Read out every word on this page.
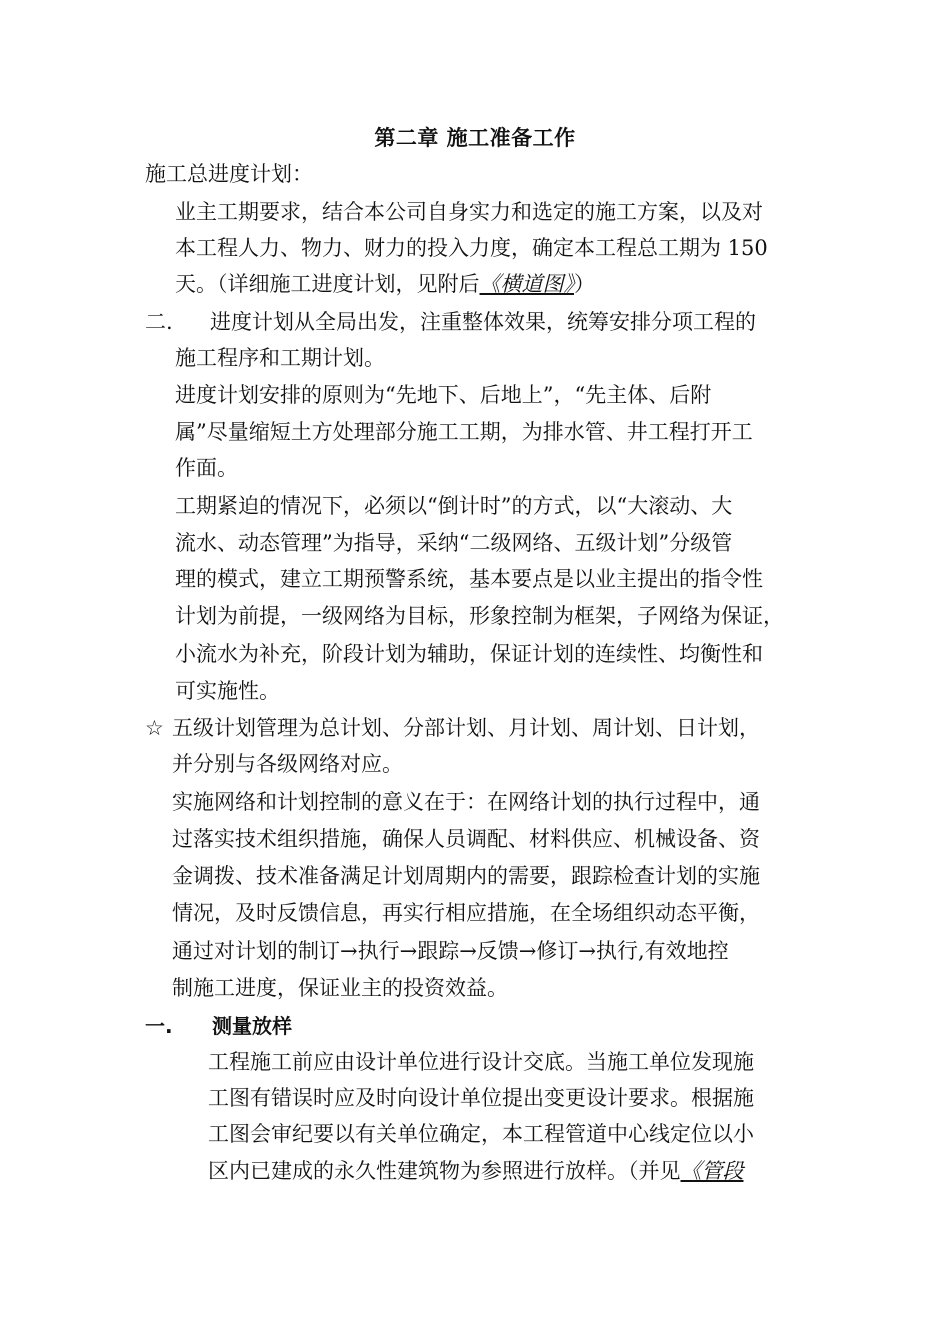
第二章 施工准备工作
施工总进度计划：
业主工期要求，结合本公司自身实力和选定的施工方案，以及对
本工程人力、物力、财力的投入力度，确定本工程总工期为 150
天。（详细施工进度计划，见附后《横道图》）
二. 进度计划从全局出发，注重整体效果，统筹安排分项工程的
施工程序和工期计划。
进度计划安排的原则为“先地下、后地上”，“先主体、后附
属”尽量缩短土方处理部分施工工期，为排水管、井工程打开工
作面。
工期紧迫的情况下，必须以“倒计时”的方式，以“大滚动、大
流水、动态管理”为指导，采纳“二级网络、五级计划”分级管
理的模式，建立工期预警系统，基本要点是以业主提出的指令性
计划为前提，一级网络为目标，形象控制为框架，子网络为保证，
小流水为补充，阶段计划为辅助，保证计划的连续性、均衡性和
可实施性。
☆ 五级计划管理为总计划、分部计划、月计划、周计划、日计划，
并分别与各级网络对应。
实施网络和计划控制的意义在于：在网络计划的执行过程中，通
过落实技术组织措施，确保人员调配、材料供应、机械设备、资
金调拨、技术准备满足计划周期内的需要，跟踪检查计划的实施
情况，及时反馈信息，再实行相应措施，在全场组织动态平衡，
通过对计划的制订→执行→跟踪→反馈→修订→执行,有效地控
制施工进度，保证业主的投资效益。
一. 测量放样
工程施工前应由设计单位进行设计交底。当施工单位发现施
工图有错误时应及时向设计单位提出变更设计要求。根据施
工图会审纪要以有关单位确定，本工程管道中心线定位以小
区内已建成的永久性建筑物为参照进行放样。（并见《管段
